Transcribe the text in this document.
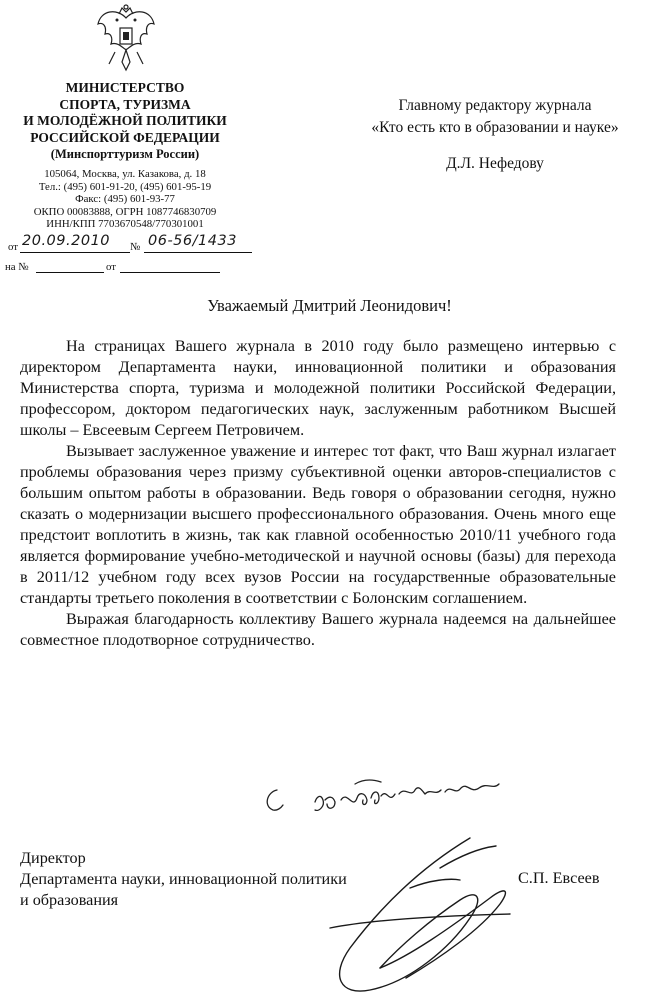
МИНИСТЕРСТВО
СПОРТА, ТУРИЗМА
И МОЛОДЁЖНОЙ ПОЛИТИКИ
РОССИЙСКОЙ ФЕДЕРАЦИИ
(Минспорттуризм России)
105064, Москва, ул. Казакова, д. 18
Тел.: (495) 601-91-20, (495) 601-95-19
Факс: (495) 601-93-77
ОКПО 00083888, ОГРН 1087746830709
ИНН/КПП 7703670548/770301001
от 20.09.2010 № 06-56/1433
на №	от
Главному редактору журнала
«Кто есть кто в образовании и науке»
Д.Л. Нефедову
Уважаемый Дмитрий Леонидович!

На страницах Вашего журнала в 2010 году было размещено интервью с директором Департамента науки, инновационной политики и образования Министерства спорта, туризма и молодежной политики Российской Федерации, профессором, доктором педагогических наук, заслуженным работником Высшей школы – Евсеевым Сергеем Петровичем.

Вызывает заслуженное уважение и интерес тот факт, что Ваш журнал излагает проблемы образования через призму субъективной оценки авторов-специалистов с большим опытом работы в образовании. Ведь говоря о образовании сегодня, нужно сказать о модернизации высшего профессионального образования. Очень много еще предстоит воплотить в жизнь, так как главной особенностью 2010/11 учебного года является формирование учебно-методической и научной основы (базы) для перехода в 2011/12 учебном году всех вузов России на государственные образовательные стандарты третьего поколения в соответствии с Болонским соглашением.

Выражая благодарность коллективу Вашего журнала надеемся на дальнейшее совместное плодотворное сотрудничество.

Директор
Департамента науки, инновационной политики
и образования
С.П. Евсеев
